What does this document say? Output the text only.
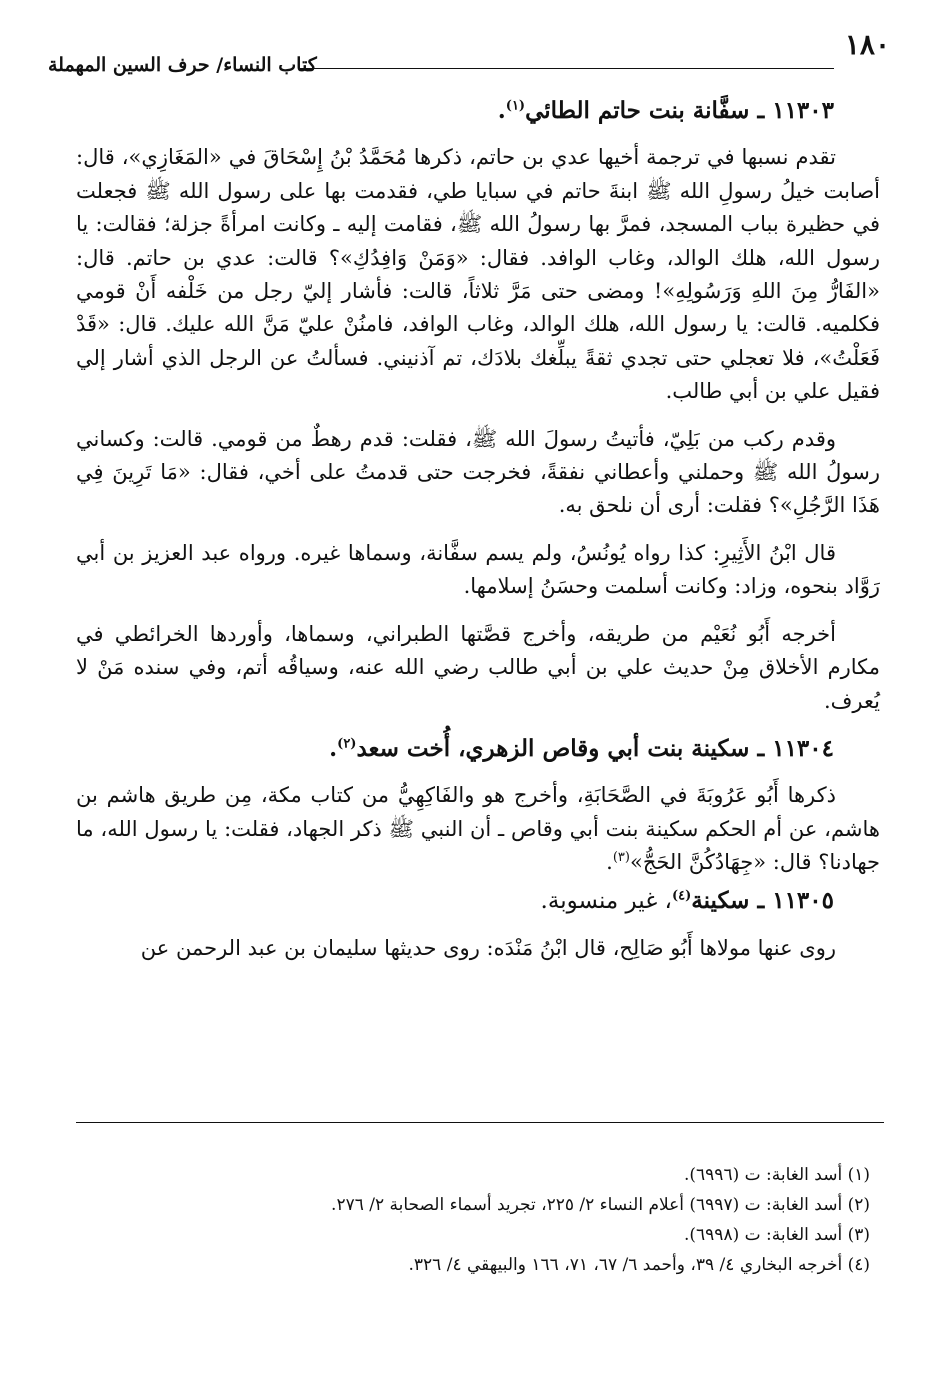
١٨٠
كتاب النساء/ حرف السين المهملة
١١٣٠٣ ـ سفَّانة بنت حاتم الطائي$^{(١)}$.

تقدم نسبها في ترجمة أخيها عدي بن حاتم، ذكرها مُحَمَّدُ بْنُ إِسْحَاقَ في «المَغَازِي»، قال: أصابت خيلُ رسولِ الله ﷺ ابنةَ حاتم في سبايا طي، فقدمت بها على رسول الله ﷺ فجعلت في حظيرة بباب المسجد، فمرَّ بها رسولُ الله ﷺ، فقامت إليه ـ وكانت امرأةً جزلة؛ فقالت: يا رسول الله، هلك الوالد، وغاب الوافد. فقال: «وَمَنْ وَافِدُكِ»؟ قالت: عدي بن حاتم. قال: «الفَارُّ مِنَ اللهِ وَرَسُولِهِ»! ومضى حتى مَرَّ ثلاثاً، قالت: فأشار إليّ رجل من خَلْفه أَنْ قومي فكلميه. قالت: يا رسول الله، هلك الوالد، وغاب الوافد، فامنُنْ عليّ مَنَّ الله عليك. قال: «قَدْ فَعَلْتُ»، فلا تعجلي حتى تجدي ثقةً يبلِّغك بلادَك، تم آذنيني. فسألتُ عن الرجل الذي أشار إلي فقيل علي بن أبي طالب.

وقدم ركب من بَلِيّ، فأتيتُ رسولَ الله ﷺ، فقلت: قدم رهطٌ من قومي. قالت: وكساني رسولُ الله ﷺ وحملني وأعطاني نفقةً، فخرجت حتى قدمتُ على أخي، فقال: «مَا تَرِينَ فِي هَذَا الرَّجُلِ»؟ فقلت: أرى أن نلحق به.

قال ابْنُ الأَثِيرِ: كذا رواه يُونُسُ، ولم يسم سفَّانة، وسماها غيره. ورواه عبد العزيز بن أبي رَوَّاد بنحوه، وزاد: وكانت أسلمت وحسَنُ إسلامها.

أخرجه أَبُو نُعَيْم من طريقه، وأخرج قصَّتها الطبراني، وسماها، وأوردها الخرائطي في مكارم الأخلاق مِنْ حديث علي بن أبي طالب رضي الله عنه، وسياقُه أتم، وفي سنده مَنْ لا يُعرف.

١١٣٠٤ ـ سكينة بنت أبي وقاص الزهري، أُخت سعد$^{(٢)}$.

ذكرها أَبُو عَرُوبَةَ في الصَّحَابَةِ، وأخرج هو والفَاكِهِيُّ من كتاب مكة، مِن طريق هاشم بن هاشم، عن أم الحكم سكينة بنت أبي وقاص ـ أن النبي ﷺ ذكر الجهاد، فقلت: يا رسول الله، ما جهادنا؟ قال: «جِهَادُكُنَّ الحَجُّ»$^{(٣)}$.

١١٣٠٥ ـ سكينة$^{(٤)}$، غير منسوبة.

روى عنها مولاها أَبُو صَالِح، قال ابْنُ مَنْدَه: روى حديثها سليمان بن عبد الرحمن عن

(١) أسد الغابة: ت (٦٩٩٦).

(٢) أسد الغابة: ت (٦٩٩٧) أعلام النساء ٢/ ٢٢٥، تجريد أسماء الصحابة ٢/ ٢٧٦.

(٣) أسد الغابة: ت (٦٩٩٨).

(٤) أخرجه البخاري ٤/ ٣٩، وأحمد ٦/ ٦٧، ٧١، ١٦٦ والبيهقي ٤/ ٣٢٦.
